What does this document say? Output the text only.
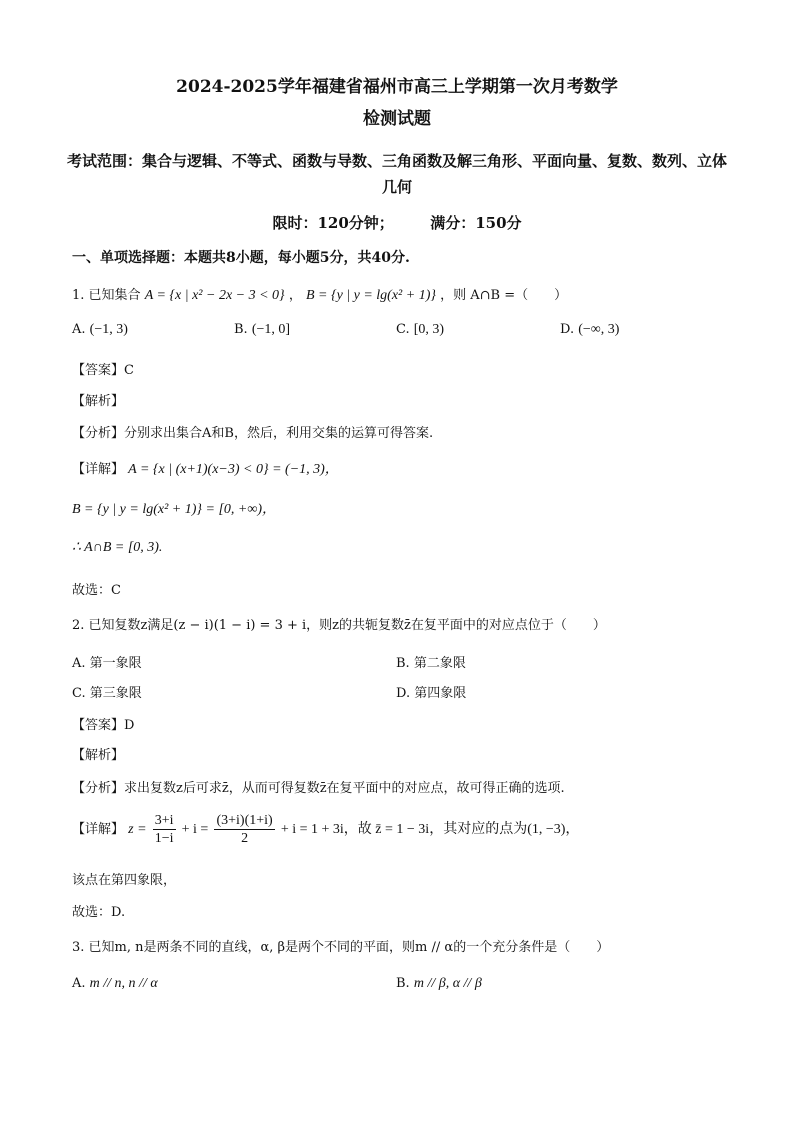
2024-2025学年福建省福州市高三上学期第一次月考数学
检测试题
考试范围：集合与逻辑、不等式、函数与导数、三角函数及解三角形、平面向量、复数、数列、立体几何
限时：120分钟； 满分：150分
一、单项选择题：本题共8小题，每小题5分，共40分.
1. 已知集合 A = {x | x² − 2x − 3 < 0} ， B = {y | y = lg(x² + 1)} ，则 A∩B =（　　）
A. (−1, 3)	B. (−1, 0]	C. [0, 3)	D. (−∞, 3)
【答案】C
【解析】
【分析】分别求出集合A和B，然后，利用交集的运算可得答案.
【详解】 A = {x | (x+1)(x−3) < 0} = (−1, 3)，
B = {y | y = lg(x² + 1)} = [0, +∞)，
∴ A∩B = [0, 3).
故选：C
2. 已知复数z满足(z − i)(1 − i) = 3 + i，则z的共轭复数z̄在复平面中的对应点位于（　　）
A. 第一象限	B. 第二象限
C. 第三象限	D. 第四象限
【答案】D
【解析】
【分析】求出复数z后可求z̄，从而可得复数z̄在复平面中的对应点，故可得正确的选项.
【详解】 $z = \frac{3+i}{1-i} + i = \frac{(3+i)(1+i)}{2} + i = 1 + 3i$，故 z̄ = 1 − 3i，其对应的点为(1, −3)，
该点在第四象限，
故选：D.
3. 已知m, n是两条不同的直线，α, β是两个不同的平面，则m // α的一个充分条件是（　　）
A. m // n, n // α	B. m // β, α // β
